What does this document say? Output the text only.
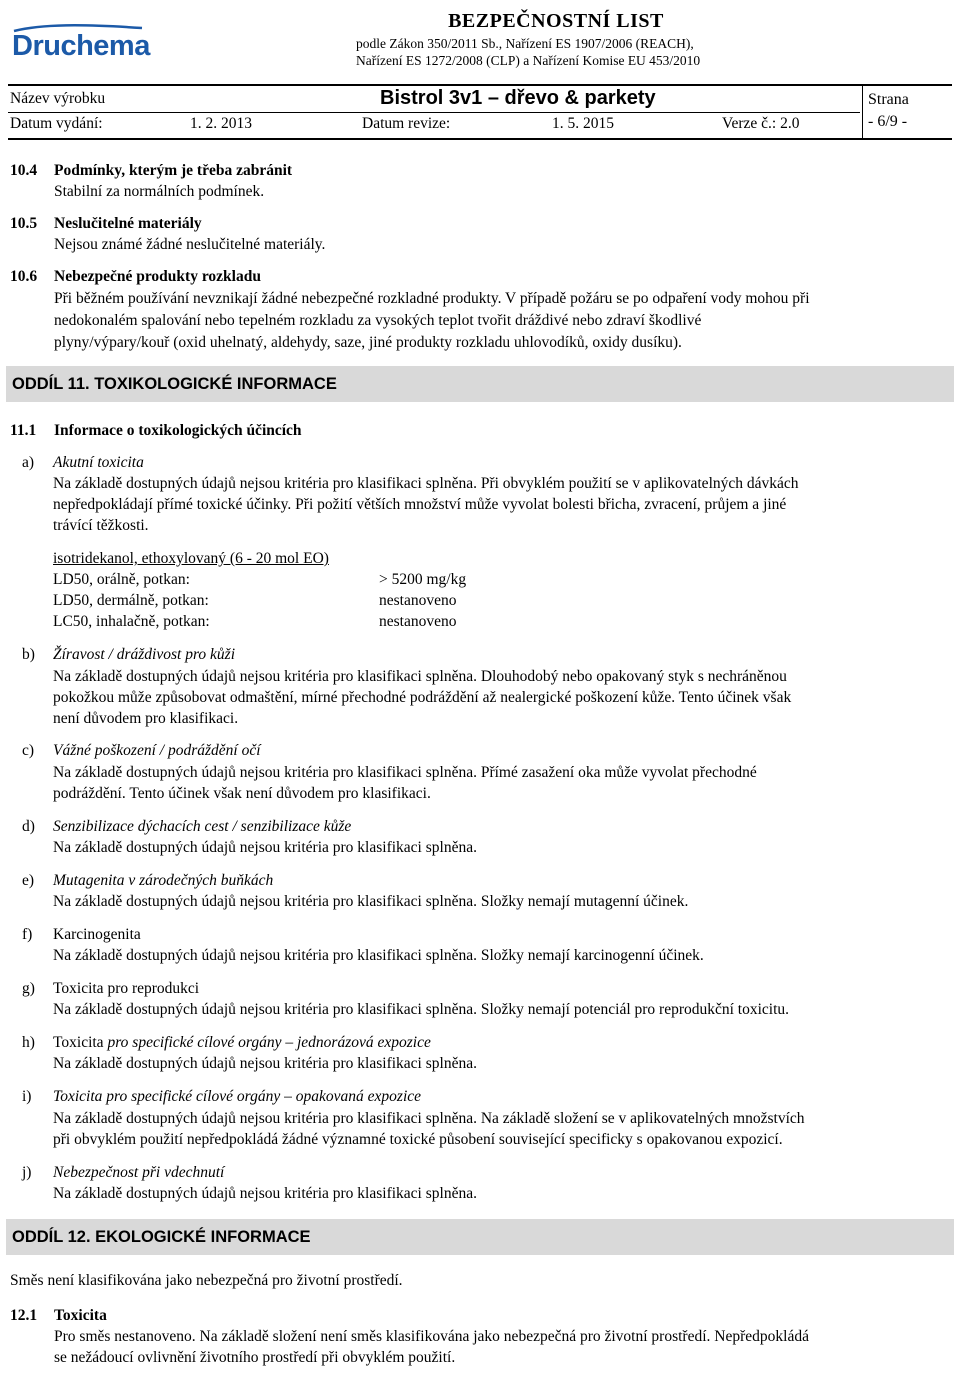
Druchema
BEZPEČNOSTNÍ LIST
podle Zákon 350/2011 Sb., Nařízení ES 1907/2006 (REACH),
Nařízení ES 1272/2008 (CLP) a Nařízení Komise EU 453/2010
Název výrobku	Bistrol 3v1 – dřevo & parkety	Strana
- 6/9 -
Datum vydání:	1. 2. 2013	Datum revize:	1. 5. 2015	Verze č.: 2.0
10.4 Podmínky, kterým je třeba zabránit
Stabilní za normálních podmínek.
10.5 Neslučitelné materiály
Nejsou známé žádné neslučitelné materiály.
10.6 Nebezpečné produkty rozkladu
Při běžném používání nevznikají žádné nebezpečné rozkladné produkty. V případě požáru se po odpaření vody mohou při
nedokonalém spalování nebo tepelném rozkladu za vysokých teplot tvořit dráždivé nebo zdraví škodlivé
plyny/výpary/kouř (oxid uhelnatý, aldehydy, saze, jiné produkty rozkladu uhlovodíků, oxidy dusíku).
ODDÍL 11. TOXIKOLOGICKÉ INFORMACE
11.1 Informace o toxikologických účincích
a) Akutní toxicita
Na základě dostupných údajů nejsou kritéria pro klasifikaci splněna. Při obvyklém použití se v aplikovatelných dávkách
nepředpokládají přímé toxické účinky. Při požití větších množství může vyvolat bolesti břicha, zvracení, průjem a jiné
trávící těžkosti.
isotridekanol, ethoxylovaný (6 - 20 mol EO)
LD50, orálně, potkan:	> 5200 mg/kg
LD50, dermálně, potkan:	nestanoveno
LC50, inhalačně, potkan:	nestanoveno
b) Žíravost / dráždivost pro kůži
Na základě dostupných údajů nejsou kritéria pro klasifikaci splněna. Dlouhodobý nebo opakovaný styk s nechráněnou
pokožkou může způsobovat odmaštění, mírné přechodné podráždění až nealergické poškození kůže. Tento účinek však
není důvodem pro klasifikaci.
c) Vážné poškození / podráždění očí
Na základě dostupných údajů nejsou kritéria pro klasifikaci splněna. Přímé zasažení oka může vyvolat přechodné
podráždění. Tento účinek však není důvodem pro klasifikaci.
d) Senzibilizace dýchacích cest / senzibilizace kůže
Na základě dostupných údajů nejsou kritéria pro klasifikaci splněna.
e) Mutagenita v zárodečných buňkách
Na základě dostupných údajů nejsou kritéria pro klasifikaci splněna. Složky nemají mutagenní účinek.
f) Karcinogenita
Na základě dostupných údajů nejsou kritéria pro klasifikaci splněna. Složky nemají karcinogenní účinek.
g) Toxicita pro reprodukci
Na základě dostupných údajů nejsou kritéria pro klasifikaci splněna. Složky nemají potenciál pro reprodukční toxicitu.
h) Toxicita pro specifické cílové orgány – jednorázová expozice
Na základě dostupných údajů nejsou kritéria pro klasifikaci splněna.
i) Toxicita pro specifické cílové orgány – opakovaná expozice
Na základě dostupných údajů nejsou kritéria pro klasifikaci splněna. Na základě složení se v aplikovatelných množstvích
při obvyklém použití nepředpokládá žádné významné toxické působení související specificky s opakovanou expozicí.
j) Nebezpečnost při vdechnutí
Na základě dostupných údajů nejsou kritéria pro klasifikaci splněna.
ODDÍL 12. EKOLOGICKÉ INFORMACE
Směs není klasifikována jako nebezpečná pro životní prostředí.
12.1 Toxicita
Pro směs nestanoveno. Na základě složení není směs klasifikována jako nebezpečná pro životní prostředí. Nepředpokládá
se nežádoucí ovlivnění životního prostředí při obvyklém použití.
